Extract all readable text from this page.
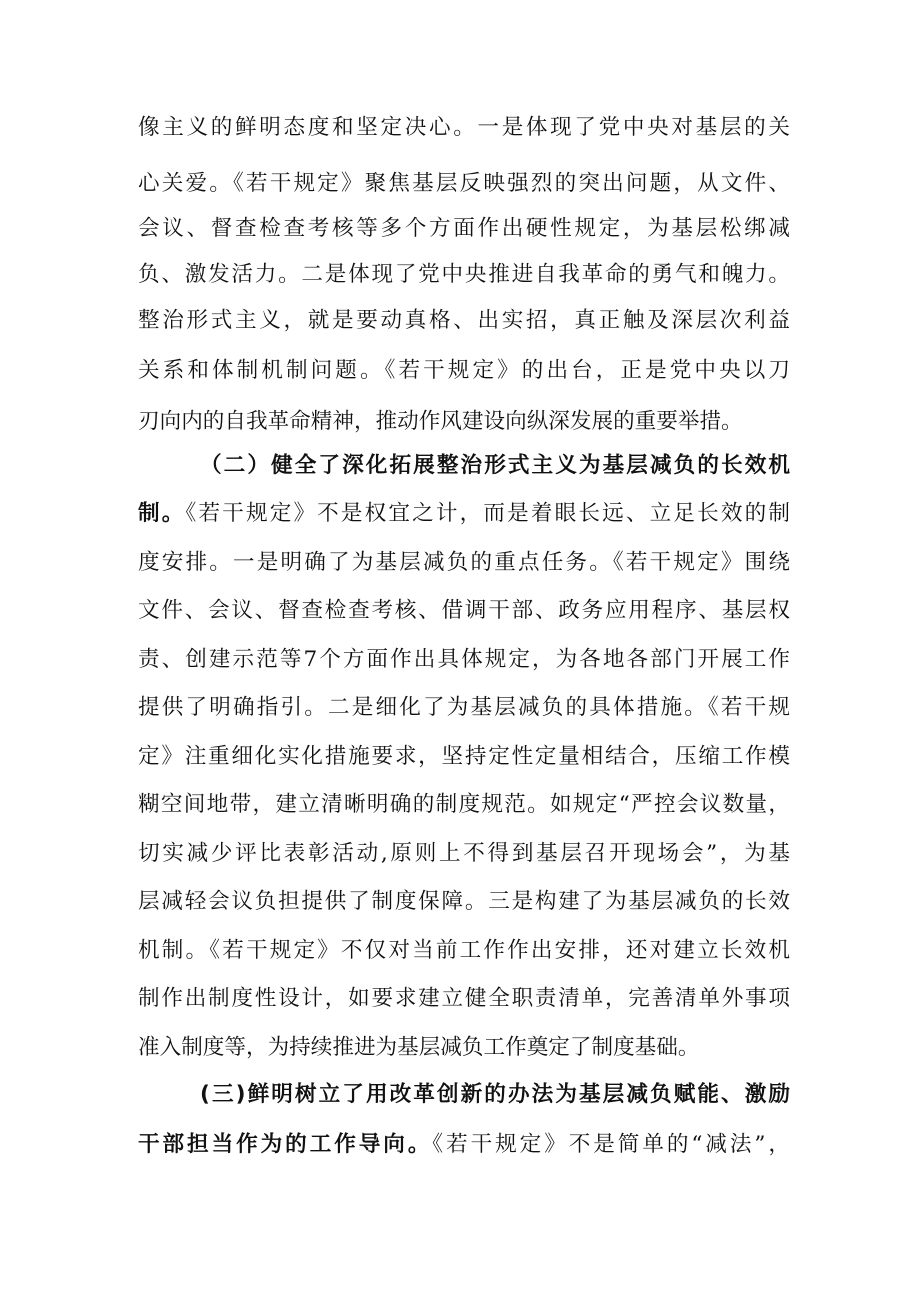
像主义的鲜明态度和坚定决心。一是体现了党中央对基层的关
心关爱。《若干规定》聚焦基层反映强烈的突出问题，从文件、
会议、督查检查考核等多个方面作出硬性规定，为基层松绑减
负、激发活力。二是体现了党中央推进自我革命的勇气和魄力。
整治形式主义，就是要动真格、出实招，真正触及深层次利益
关系和体制机制问题。《若干规定》的出台，正是党中央以刀
刃向内的自我革命精神，推动作风建设向纵深发展的重要举措。
（二）健全了深化拓展整治形式主义为基层减负的长效机
制。《若干规定》不是权宜之计，而是着眼长远、立足长效的制
度安排。一是明确了为基层减负的重点任务。《若干规定》围绕
文件、会议、督查检查考核、借调干部、政务应用程序、基层权
责、创建示范等7个方面作出具体规定，为各地各部门开展工作
提供了明确指引。二是细化了为基层减负的具体措施。《若干规
定》注重细化实化措施要求，坚持定性定量相结合，压缩工作模
糊空间地带，建立清晰明确的制度规范。如规定“严控会议数量，
切实减少评比表彰活动,原则上不得到基层召开现场会”，为基
层减轻会议负担提供了制度保障。三是构建了为基层减负的长效
机制。《若干规定》不仅对当前工作作出安排，还对建立长效机
制作出制度性设计，如要求建立健全职责清单，完善清单外事项
准入制度等，为持续推进为基层减负工作奠定了制度基础。
(三)鲜明树立了用改革创新的办法为基层减负赋能、激励
干部担当作为的工作导向。《若干规定》不是简单的“减法”，
